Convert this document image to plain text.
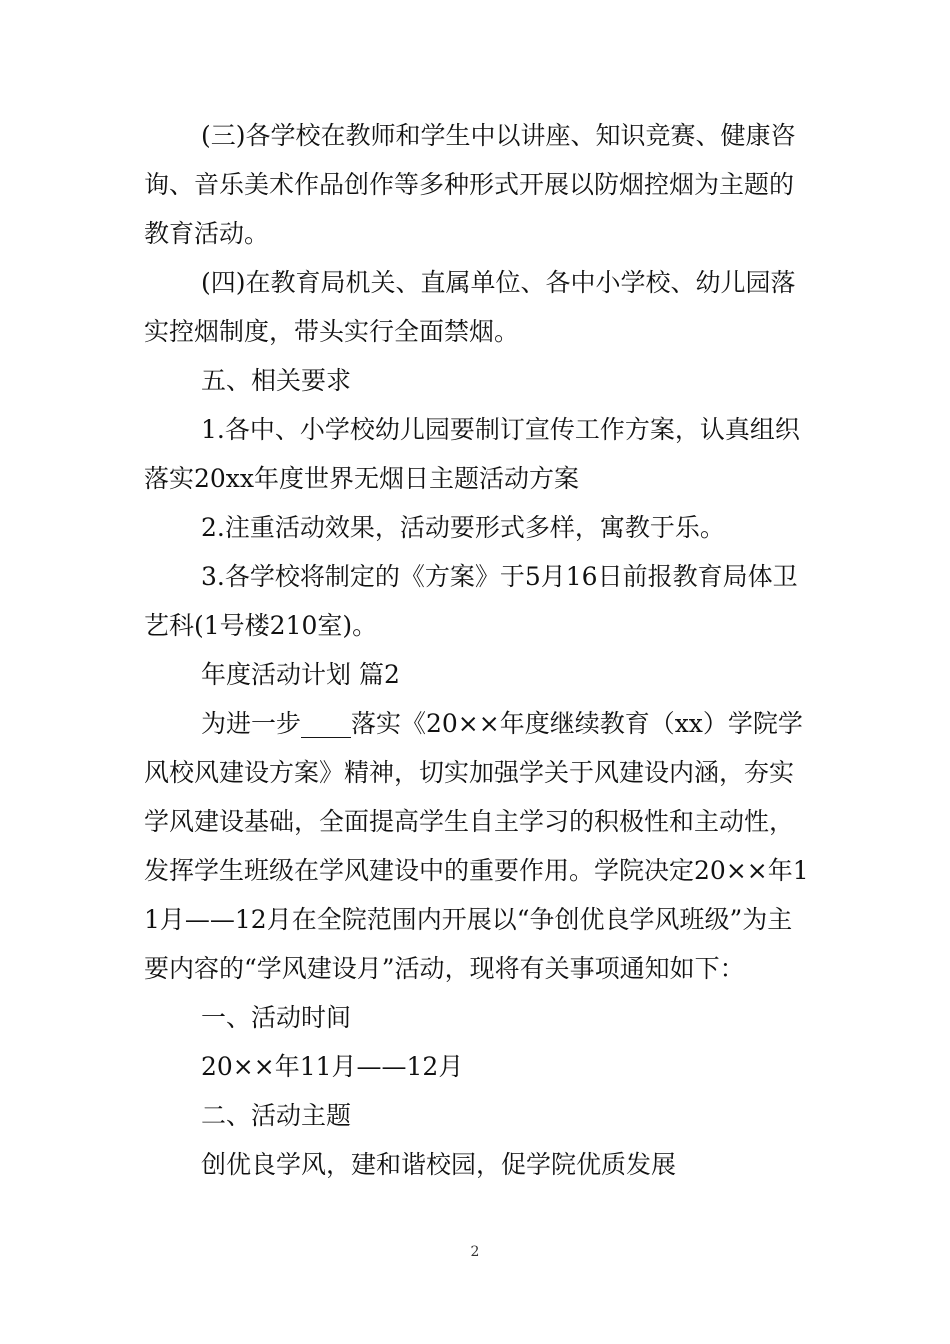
(三)各学校在教师和学生中以讲座、知识竞赛、健康咨询、音乐美术作品创作等多种形式开展以防烟控烟为主题的教育活动。

(四)在教育局机关、直属单位、各中小学校、幼儿园落实控烟制度，带头实行全面禁烟。

五、相关要求

1.各中、小学校幼儿园要制订宣传工作方案，认真组织落实20xx年度世界无烟日主题活动方案

2.注重活动效果，活动要形式多样，寓教于乐。

3.各学校将制定的《方案》于5月16日前报教育局体卫艺科(1号楼210室)。

年度活动计划 篇2

为进一步____落实《20××年度继续教育（xx）学院学风校风建设方案》精神，切实加强学关于风建设内涵，夯实学风建设基础，全面提高学生自主学习的积极性和主动性，发挥学生班级在学风建设中的重要作用。学院决定20××年11月——12月在全院范围内开展以“争创优良学风班级”为主要内容的“学风建设月”活动，现将有关事项通知如下：

一、活动时间

20××年11月——12月

二、活动主题

创优良学风，建和谐校园，促学院优质发展

2
